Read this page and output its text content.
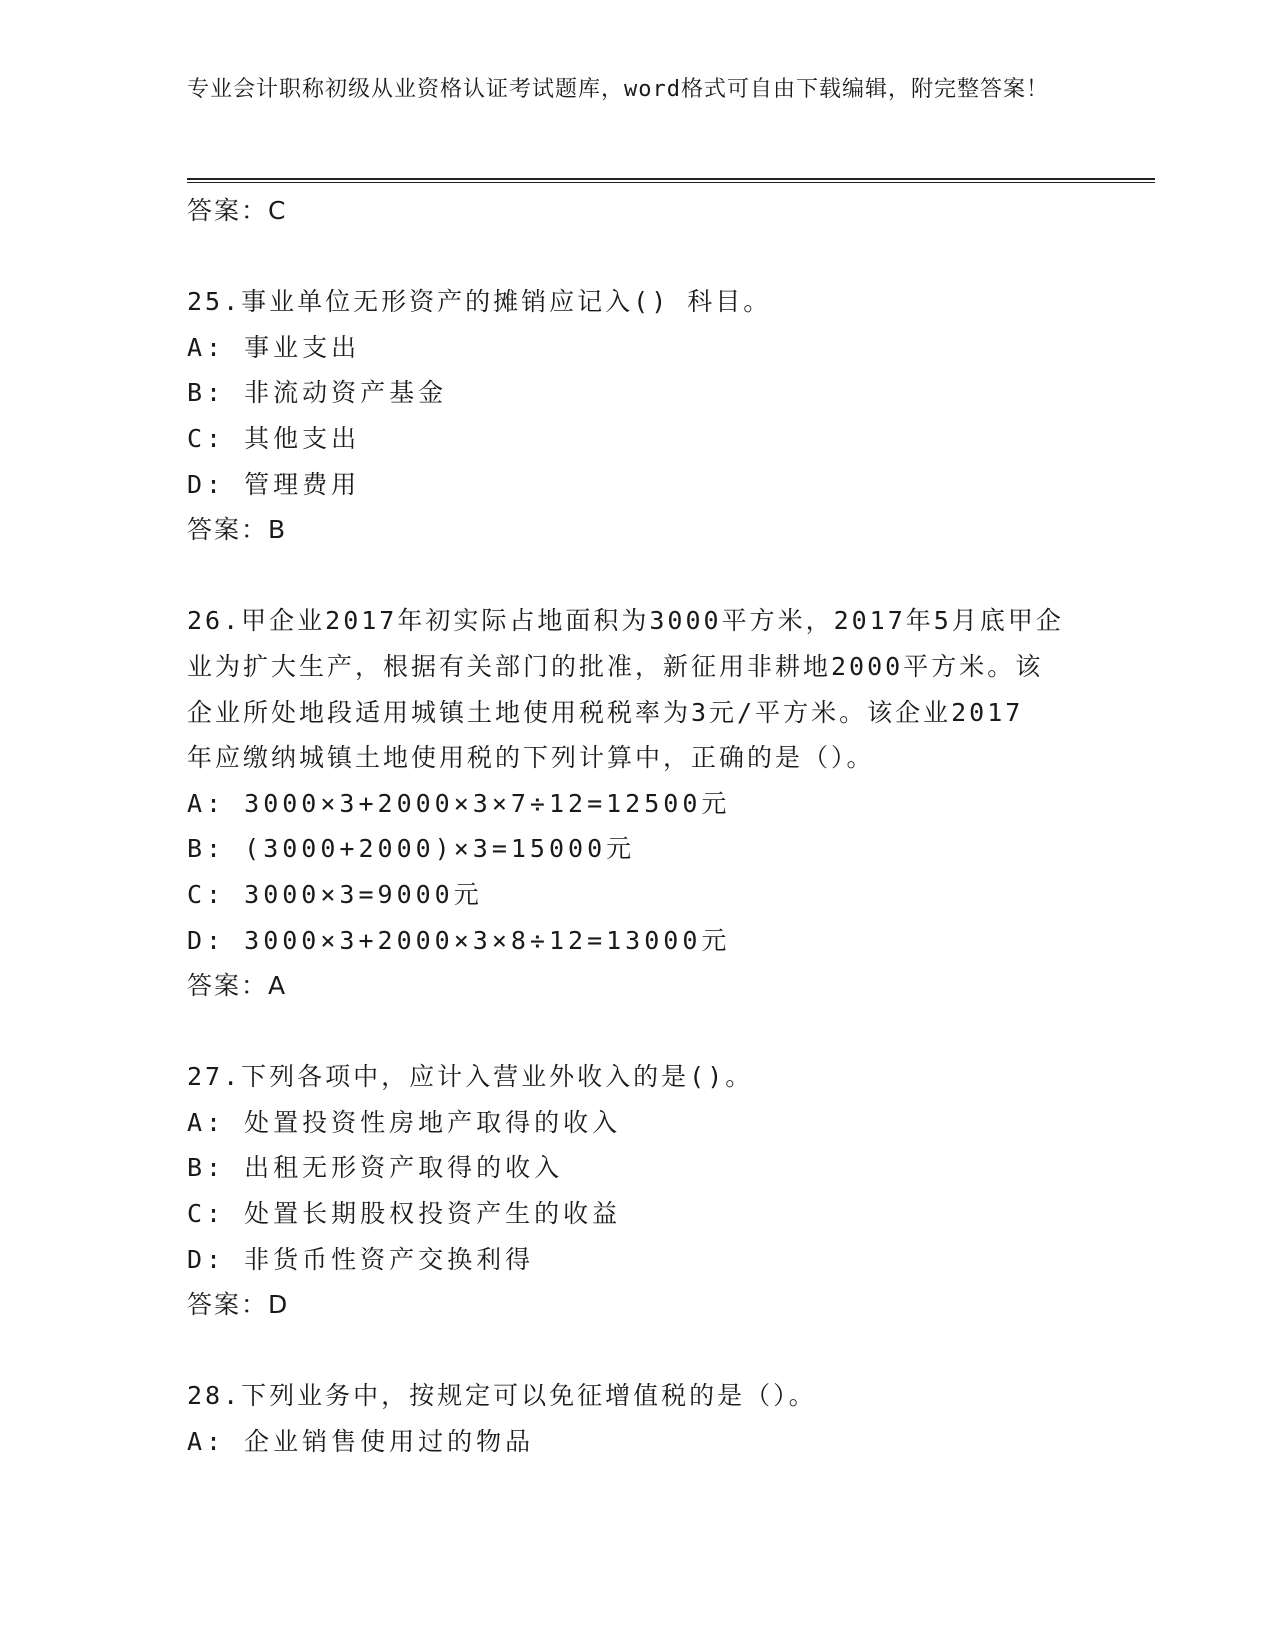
专业会计职称初级从业资格认证考试题库，word格式可自由下载编辑，附完整答案！
答案：C
25.事业单位无形资产的摊销应记入() 科目。
A: 事业支出
B: 非流动资产基金
C: 其他支出
D: 管理费用
答案：B
26.甲企业2017年初实际占地面积为3000平方米，2017年5月底甲企
业为扩大生产，根据有关部门的批准，新征用非耕地2000平方米。该
企业所处地段适用城镇土地使用税税率为3元/平方米。该企业2017
年应缴纳城镇土地使用税的下列计算中，正确的是（）。
A: 3000×3+2000×3×7÷12=12500元
B: (3000+2000)×3=15000元
C: 3000×3=9000元
D: 3000×3+2000×3×8÷12=13000元
答案：A
27.下列各项中，应计入营业外收入的是()。
A: 处置投资性房地产取得的收入
B: 出租无形资产取得的收入
C: 处置长期股权投资产生的收益
D: 非货币性资产交换利得
答案：D
28.下列业务中，按规定可以免征增值税的是（）。
A: 企业销售使用过的物品
